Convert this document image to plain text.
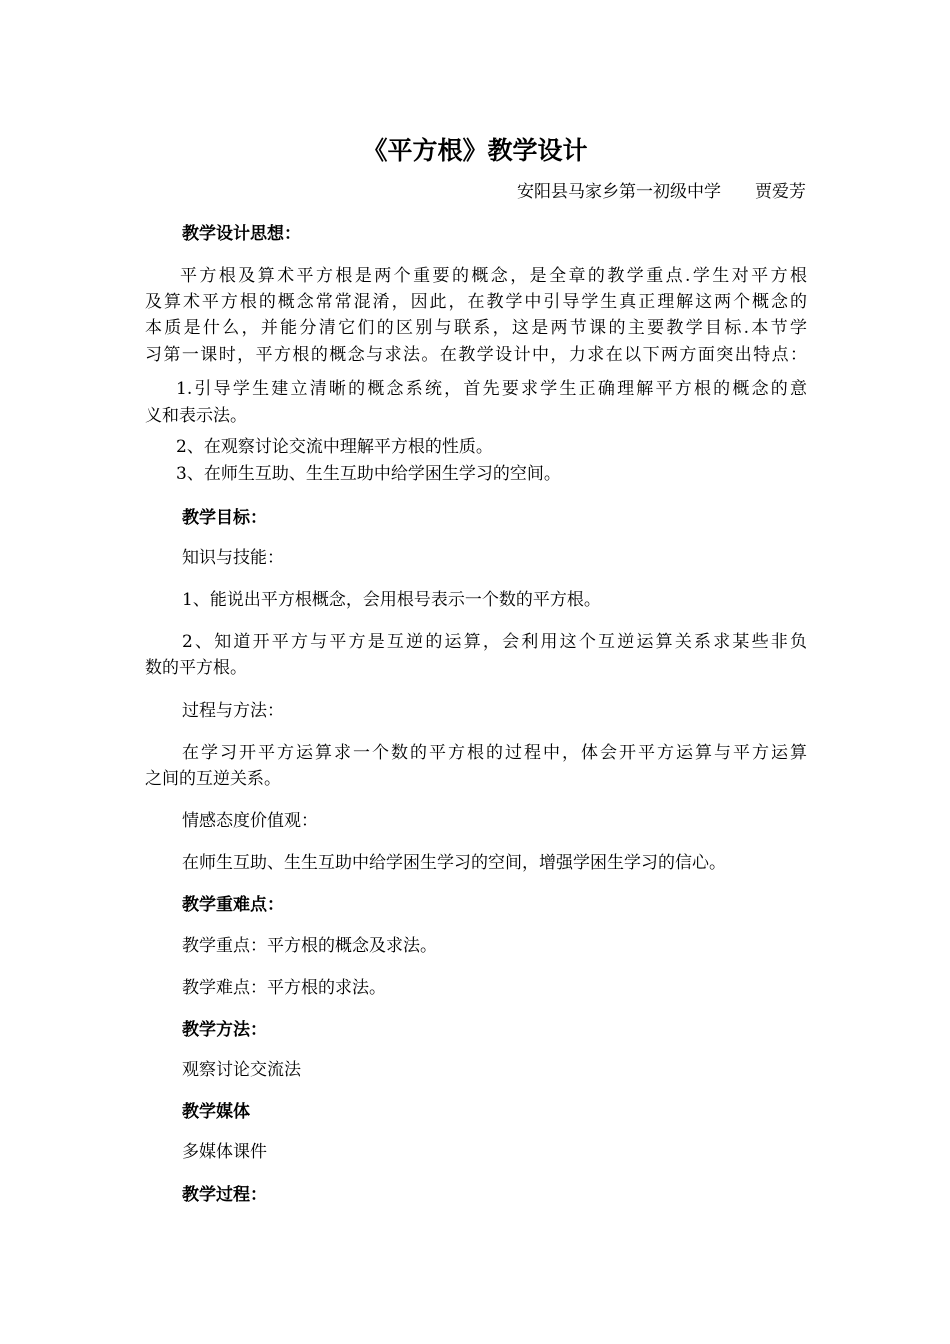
《平方根》教学设计
安阳县马家乡第一初级中学　　贾爱芳
教学设计思想：
平方根及算术平方根是两个重要的概念，是全章的教学重点.学生对平方根
及算术平方根的概念常常混淆，因此，在教学中引导学生真正理解这两个概念的
本质是什么，并能分清它们的区别与联系，这是两节课的主要教学目标.本节学
习第一课时，平方根的概念与求法。在教学设计中，力求在以下两方面突出特点：
1.引导学生建立清晰的概念系统，首先要求学生正确理解平方根的概念的意
义和表示法。
2、在观察讨论交流中理解平方根的性质。
3、在师生互助、生生互助中给学困生学习的空间。
教学目标：
知识与技能：
1、能说出平方根概念，会用根号表示一个数的平方根。
2、知道开平方与平方是互逆的运算，会利用这个互逆运算关系求某些非负
数的平方根。
过程与方法：
在学习开平方运算求一个数的平方根的过程中，体会开平方运算与平方运算
之间的互逆关系。
情感态度价值观：
在师生互助、生生互助中给学困生学习的空间，增强学困生学习的信心。
教学重难点：
教学重点：平方根的概念及求法。
教学难点：平方根的求法。
教学方法：
观察讨论交流法
教学媒体
多媒体课件
教学过程：
